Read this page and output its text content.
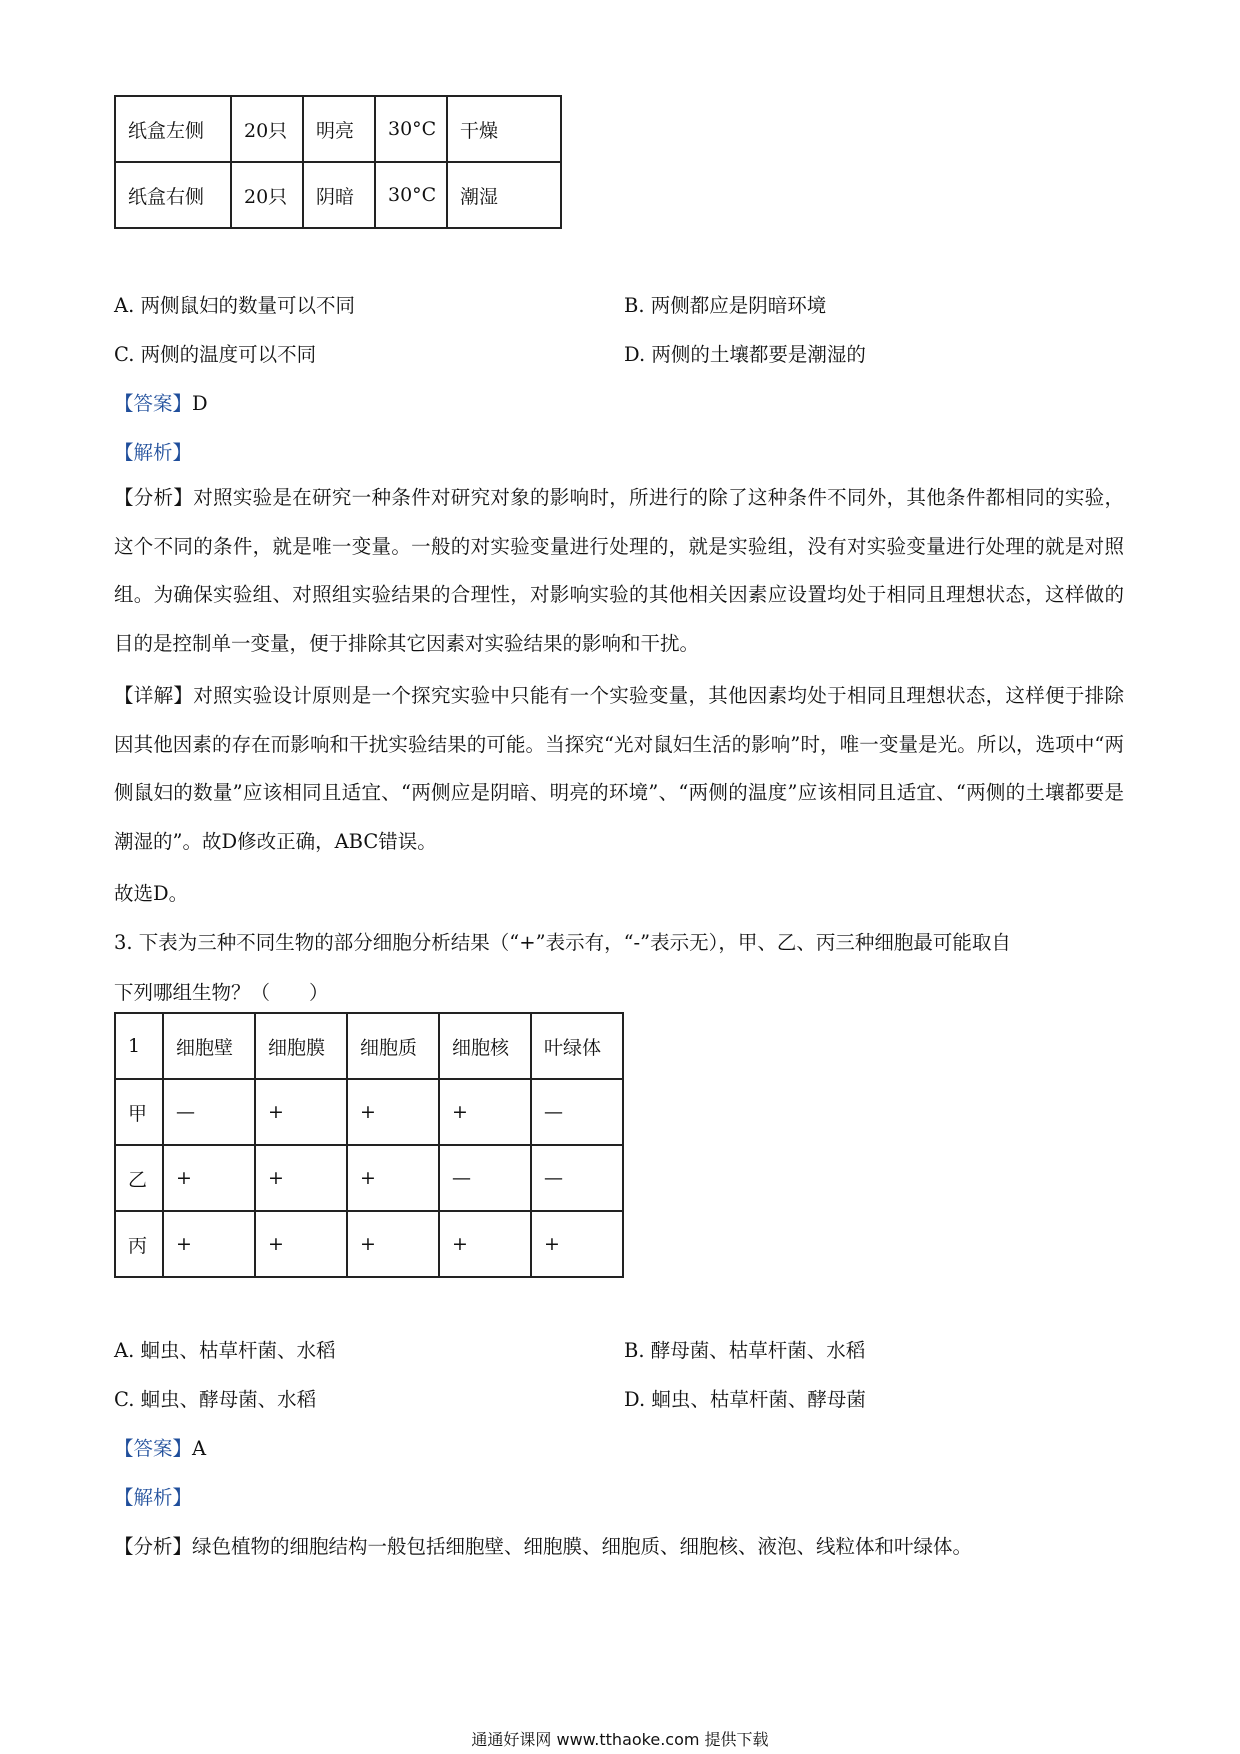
纸盒左侧	20只	明亮	30°C	干燥
纸盒右侧	20只	阴暗	30°C	潮湿
A. 两侧鼠妇的数量可以不同	B. 两侧都应是阴暗环境
C. 两侧的温度可以不同	D. 两侧的土壤都要是潮湿的
【答案】D
【解析】
【分析】对照实验是在研究一种条件对研究对象的影响时，所进行的除了这种条件不同外，其他条件都相同的实验，这个不同的条件，就是唯一变量。一般的对实验变量进行处理的，就是实验组，没有对实验变量进行处理的就是对照组。为确保实验组、对照组实验结果的合理性，对影响实验的其他相关因素应设置均处于相同且理想状态，这样做的目的是控制单一变量，便于排除其它因素对实验结果的影响和干扰。
【详解】对照实验设计原则是一个探究实验中只能有一个实验变量，其他因素均处于相同且理想状态，这样便于排除因其他因素的存在而影响和干扰实验结果的可能。当探究“光对鼠妇生活的影响”时，唯一变量是光。所以，选项中“两侧鼠妇的数量”应该相同且适宜、“两侧应是阴暗、明亮的环境”、“两侧的温度”应该相同且适宜、“两侧的土壤都要是潮湿的”。故D修改正确，ABC错误。
故选D。
3. 下表为三种不同生物的部分细胞分析结果（“+”表示有，“-”表示无），甲、乙、丙三种细胞最可能取自
下列哪组生物？（　　）
1	细胞壁	细胞膜	细胞质	细胞核	叶绿体
甲	—	+	+	+	—
乙	+	+	+	—	—
丙	+	+	+	+	+
A. 蛔虫、枯草杆菌、水稻	B. 酵母菌、枯草杆菌、水稻
C. 蛔虫、酵母菌、水稻	D. 蛔虫、枯草杆菌、酵母菌
【答案】A
【解析】
【分析】绿色植物的细胞结构一般包括细胞壁、细胞膜、细胞质、细胞核、液泡、线粒体和叶绿体。
通通好课网 www.tthaoke.com 提供下载
